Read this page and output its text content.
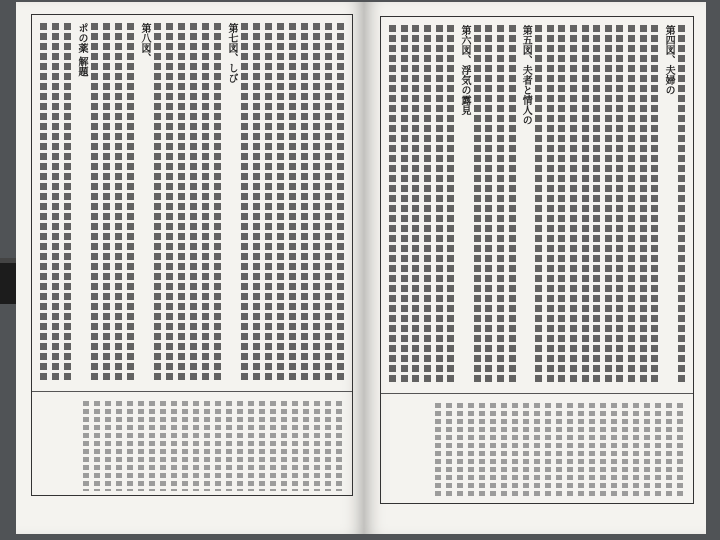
第七図、しび
第八図、
ポの薬 解題	第四図、夫婦の
第五図、夫者と情人の
第六図、浮気の露見
